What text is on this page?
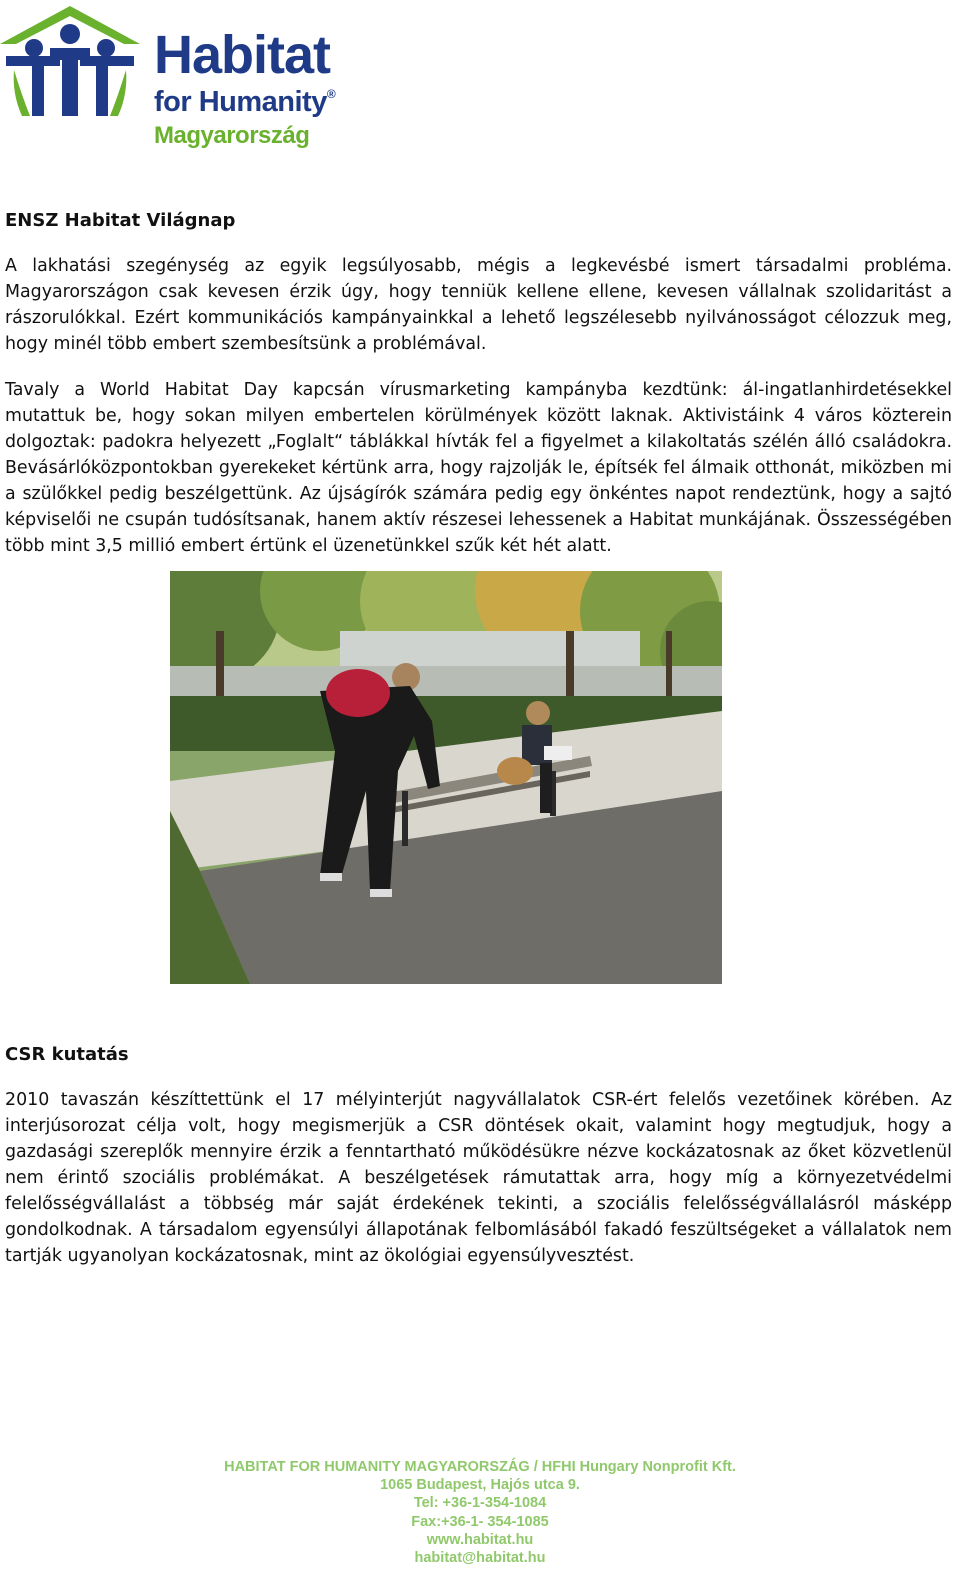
Habitat
for Humanity®
Magyarország
ENSZ Habitat Világnap

A lakhatási szegénység az egyik legsúlyosabb, mégis a legkevésbé ismert társadalmi probléma. Magyarországon csak kevesen érzik úgy, hogy tenniük kellene ellene, kevesen vállalnak szolidaritást a rászorulókkal. Ezért kommunikációs kampányainkkal a lehető legszélesebb nyilvánosságot célozzuk meg, hogy minél több embert szembesítsünk a problémával.

Tavaly a World Habitat Day kapcsán vírusmarketing kampányba kezdtünk: ál-ingatlanhirdetésekkel mutattuk be, hogy sokan milyen embertelen körülmények között laknak. Aktivistáink 4 város közterein dolgoztak: padokra helyezett „Foglalt“ táblákkal hívták fel a figyelmet a kilakoltatás szélén álló családokra. Bevásárlóközpontokban gyerekeket kértünk arra, hogy rajzolják le, építsék fel álmaik otthonát, miközben mi a szülőkkel pedig beszélgettünk. Az újságírók számára pedig egy önkéntes napot rendeztünk, hogy a sajtó képviselői ne csupán tudósítsanak, hanem aktív részesei lehessenek a Habitat munkájának. Összességében több mint 3,5 millió embert értünk el üzenetünkkel szűk két hét alatt.

CSR kutatás

2010 tavaszán készíttettünk el 17 mélyinterjút nagyvállalatok CSR-ért felelős vezetőinek körében. Az interjúsorozat célja volt, hogy megismerjük a CSR döntések okait, valamint hogy megtudjuk, hogy a gazdasági szereplők mennyire érzik a fenntartható működésükre nézve kockázatosnak az őket közvetlenül nem érintő szociális problémákat. A beszélgetések rámutattak arra, hogy míg a környezetvédelmi felelősségvállalást a többség már saját érdekének tekinti, a szociális felelősségvállalásról másképp gondolkodnak. A társadalom egyensúlyi állapotának felbomlásából fakadó feszültségeket a vállalatok nem tartják ugyanolyan kockázatosnak, mint az ökológiai egyensúlyvesztést.

HABITAT FOR HUMANITY MAGYARORSZÁG / HFHI Hungary Nonprofit Kft.
1065 Budapest, Hajós utca 9.
Tel: +36-1-354-1084
Fax:+36-1- 354-1085
www.habitat.hu
habitat@habitat.hu
